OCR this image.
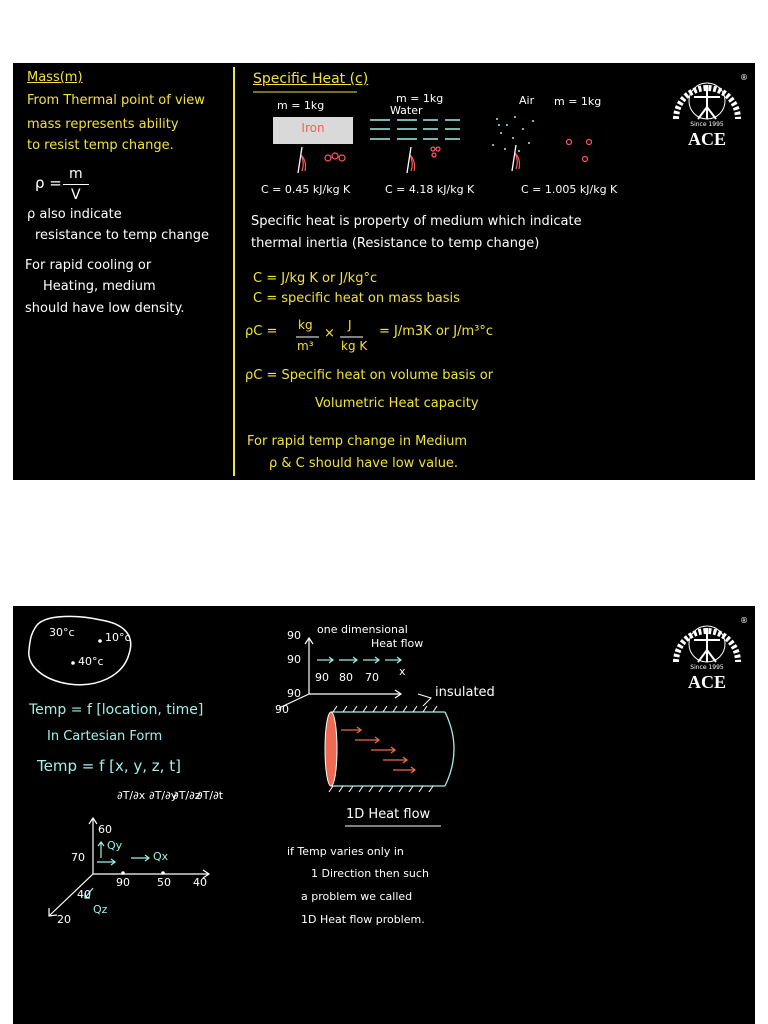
Mass(m)
From Thermal point of view
mass represents ability
to resist temp change.
ρ = m
V
ρ also indicate
resistance to temp change
For rapid cooling or
Heating, medium
should have low density.
Specific Heat (c)
m = 1kg
Iron
m = 1kg
Water
Air m = 1kg
C = 0.45 kJ/kg K	C = 4.18 kJ/kg K	C = 1.005 kJ/kg K
Specific heat is property of medium which indicate
thermal inertia (Resistance to temp change)
C = J/kg K or J/kg°c
C = specific heat on mass basis
ρC = kg
m³
×
J
kg K
= J/m3K or J/m³°c
ρC = Specific heat on volume basis or
Volumetric Heat capacity
For rapid temp change in Medium
ρ & C should have low value.
Since 1995
ACE
®
30°c	10°c
40°c
Temp = f [location, time]
In Cartesian Form
Temp = f [x, y, z, t]
∂T/∂x ∂T/∂y
∂T/∂z
∂T/∂t
60
70
90 50 40
40
20
Qy
Qx
Qz
one dimensional
Heat flow
90
90
90 80 70 x
90
90
insulated
1D Heat flow
if Temp varies only in
1 Direction then such
a problem we called
1D Heat flow problem.
Since 1995
ACE
®
